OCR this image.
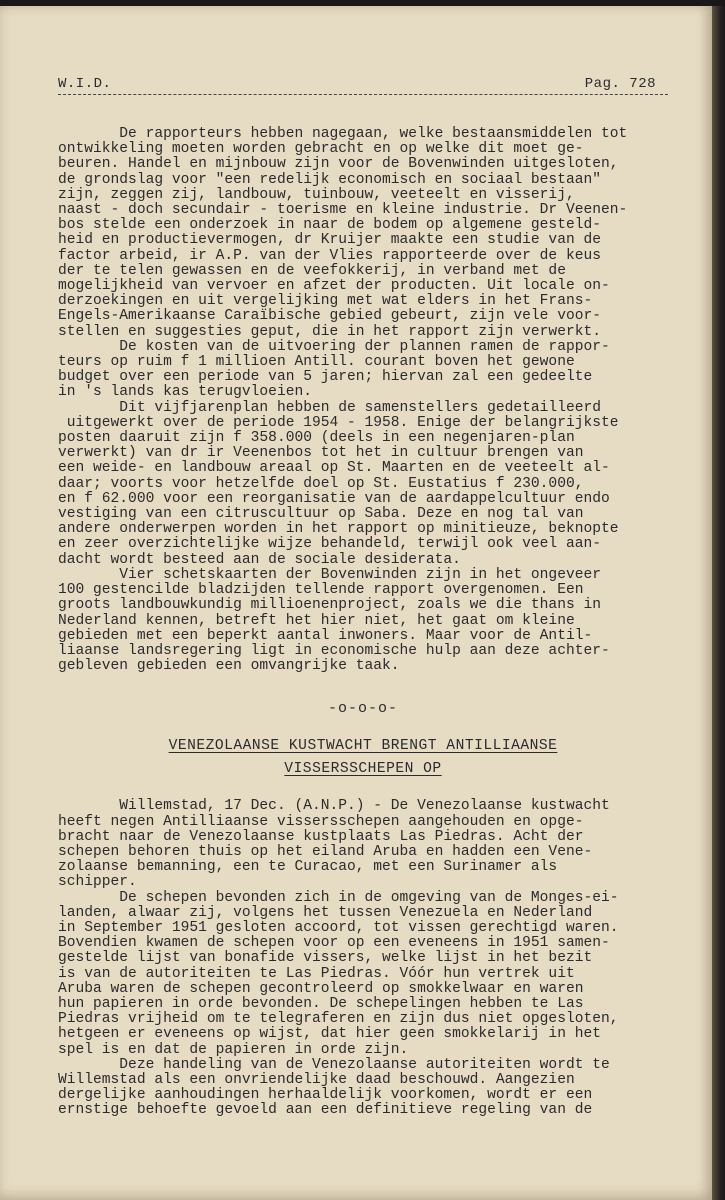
W.I.D.	Pag. 728
De rapporteurs hebben nagegaan, welke bestaansmiddelen tot
ontwikkeling moeten worden gebracht en op welke dit moet ge-
beuren. Handel en mijnbouw zijn voor de Bovenwinden uitgesloten,
de grondslag voor "een redelijk economisch en sociaal bestaan"
zijn, zeggen zij, landbouw, tuinbouw, veeteelt en visserij,
naast - doch secundair - toerisme en kleine industrie. Dr Veenen-
bos stelde een onderzoek in naar de bodem op algemene gesteld-
heid en productievermogen, dr Kruijer maakte een studie van de
factor arbeid, ir A.P. van der Vlies rapporteerde over de keus
der te telen gewassen en de veefokkerij, in verband met de
mogelijkheid van vervoer en afzet der producten. Uit locale on-
derzoekingen en uit vergelijking met wat elders in het Frans-
Engels-Amerikaanse Caraïbische gebied gebeurt, zijn vele voor-
stellen en suggesties geput, die in het rapport zijn verwerkt.
De kosten van de uitvoering der plannen ramen de rappor-
teurs op ruim f 1 millioen Antill. courant boven het gewone
budget over een periode van 5 jaren; hiervan zal een gedeelte
in 's lands kas terugvloeien.
Dit vijfjarenplan hebben de samenstellers gedetailleerd
uitgewerkt over de periode 1954 - 1958. Enige der belangrijkste
posten daaruit zijn f 358.000 (deels in een negenjaren-plan
verwerkt) van dr ir Veenenbos tot het in cultuur brengen van
een weide- en landbouw areaal op St. Maarten en de veeteelt al-
daar; voorts voor hetzelfde doel op St. Eustatius f 230.000,
en f 62.000 voor een reorganisatie van de aardappelcultuur endo
vestiging van een citruscultuur op Saba. Deze en nog tal van
andere onderwerpen worden in het rapport op minitieuze, beknopte
en zeer overzichtelijke wijze behandeld, terwijl ook veel aan-
dacht wordt besteed aan de sociale desiderata.
Vier schetskaarten der Bovenwinden zijn in het ongeveer
100 gestencilde bladzijden tellende rapport overgenomen. Een
groots landbouwkundig millioenenproject, zoals we die thans in
Nederland kennen, betreft het hier niet, het gaat om kleine
gebieden met een beperkt aantal inwoners. Maar voor de Antil-
liaanse landsregering ligt in economische hulp aan deze achter-
gebleven gebieden een omvangrijke taak.
-o-o-o-
VENEZOLAANSE KUSTWACHT BRENGT ANTILLIAANSE
VISSERSSCHEPEN OP
Willemstad, 17 Dec. (A.N.P.) - De Venezolaanse kustwacht
heeft negen Antilliaanse vissersschepen aangehouden en opge-
bracht naar de Venezolaanse kustplaats Las Piedras. Acht der
schepen behoren thuis op het eiland Aruba en hadden een Vene-
zolaanse bemanning, een te Curacao, met een Surinamer als
schipper.
De schepen bevonden zich in de omgeving van de Monges-ei-
landen, alwaar zij, volgens het tussen Venezuela en Nederland
in September 1951 gesloten accoord, tot vissen gerechtigd waren.
Bovendien kwamen de schepen voor op een eveneens in 1951 samen-
gestelde lijst van bonafide vissers, welke lijst in het bezit
is van de autoriteiten te Las Piedras. Vóór hun vertrek uit
Aruba waren de schepen gecontroleerd op smokkelwaar en waren
hun papieren in orde bevonden. De schepelingen hebben te Las
Piedras vrijheid om te telegraferen en zijn dus niet opgesloten,
hetgeen er eveneens op wijst, dat hier geen smokkelarij in het
spel is en dat de papieren in orde zijn.
Deze handeling van de Venezolaanse autoriteiten wordt te
Willemstad als een onvriendelijke daad beschouwd. Aangezien
dergelijke aanhoudingen herhaaldelijk voorkomen, wordt er een
ernstige behoefte gevoeld aan een definitieve regeling van de
